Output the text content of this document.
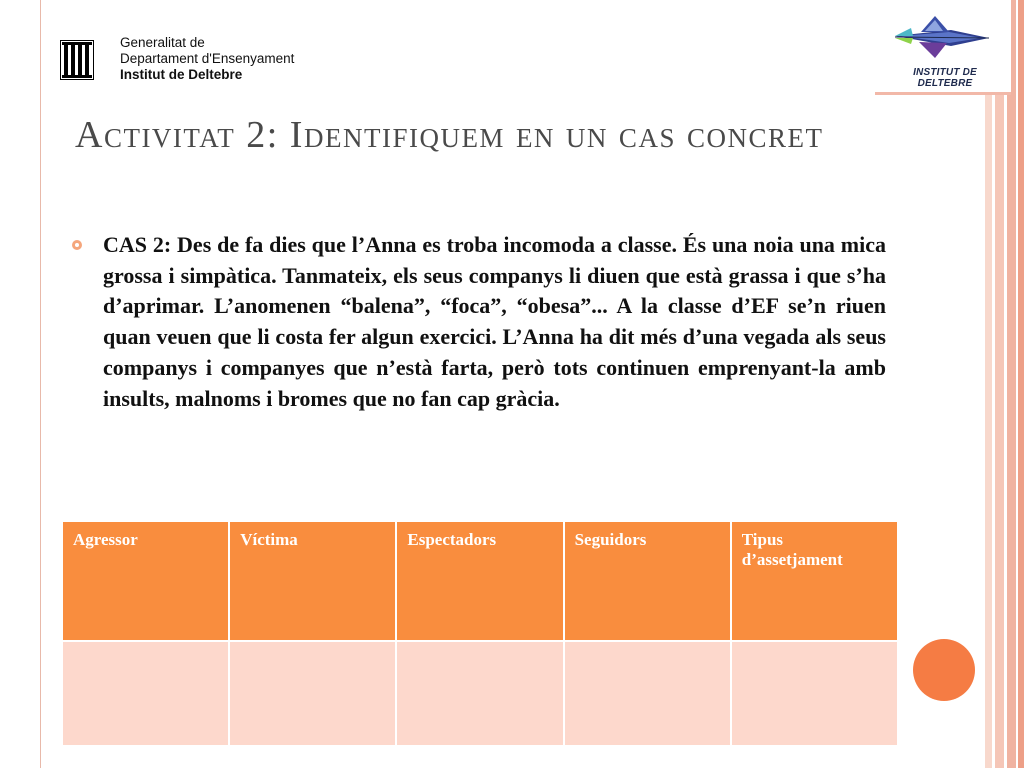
INSTITUT DE DELTEBRE
Generalitat de
Departament d'Ensenyament
Institut de Deltebre
Activitat 2: Identifiquem en un cas concret
CAS 2: Des de fa dies que l’Anna es troba incomoda a classe. És una noia una mica grossa i simpàtica. Tanmateix, els seus companys li diuen que està grassa i que s’ha d’aprimar. L’anomenen “balena”, “foca”, “obesa”... A la classe d’EF se’n riuen quan veuen que li costa fer algun exercici. L’Anna ha dit més d’una vegada als seus companys i companyes que n’està farta, però tots continuen emprenyant-la amb insults, malnoms i bromes que no fan cap gràcia.
Agressor	Víctima	Espectadors	Seguidors	Tipus d’assetjament
